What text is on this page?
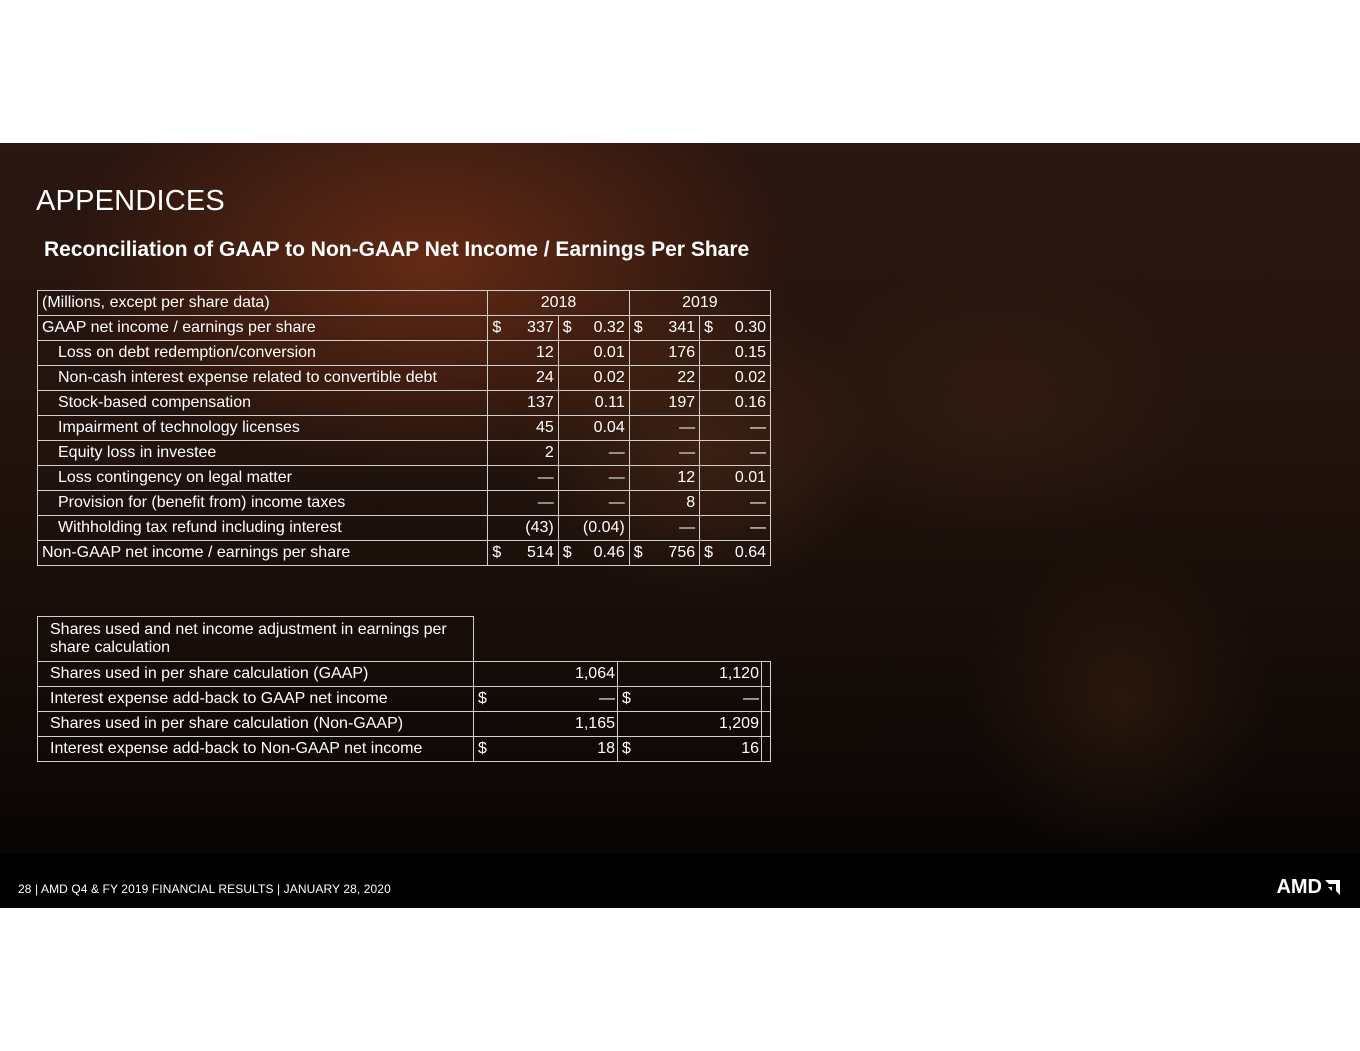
APPENDICES
Reconciliation of GAAP to Non-GAAP Net Income / Earnings Per Share
(Millions, except per share data)	2018		2019	
GAAP net income / earnings per share	$ 337	$ 0.32	$ 341	$ 0.30

Loss on debt redemption/conversion	12	0.01	176	0.15

Non-cash interest expense related to convertible debt	24	0.02	22	0.02

Stock-based compensation	137	0.11	197	0.16

Impairment of technology licenses	45	0.04	—	—

Equity loss in investee	2	—	—	—

Loss contingency on legal matter	—	—	12	0.01

Provision for (benefit from) income taxes	—	—	8	—

Withholding tax refund including interest	(43)	(0.04)	—	—

Non-GAAP net income / earnings per share	$ 514	$ 0.46	$ 756	$ 0.64
Shares used and net income adjustment in earnings per share calculation			
Shares used in per share calculation (GAAP)	1,064	1,120	

Interest expense add-back to GAAP net income	$ —	$ —	

Shares used in per share calculation (Non-GAAP)	1,165	1,209	

Interest expense add-back to Non-GAAP net income	$ 18	$ 16	

28 | AMD Q4 & FY 2019 FINANCIAL RESULTS | JANUARY 28, 2020	AMD
